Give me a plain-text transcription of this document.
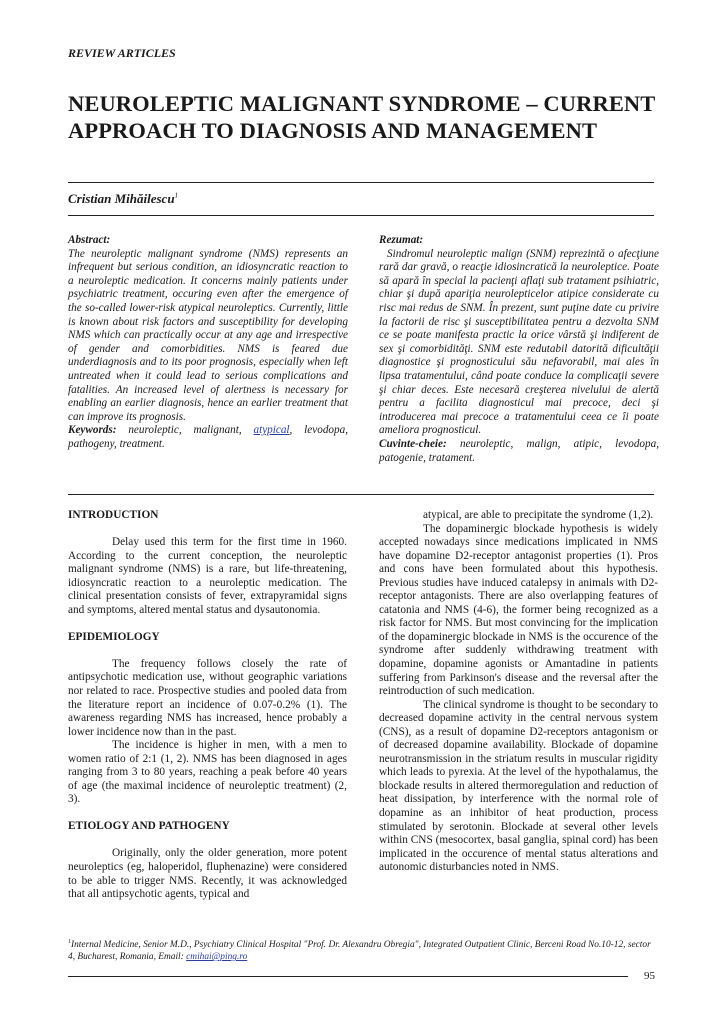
REVIEW ARTICLES
NEUROLEPTIC MALIGNANT SYNDROME – CURRENT APPROACH TO DIAGNOSIS AND MANAGEMENT
Cristian Mihăilescu$^1$
Abstract:

The neuroleptic malignant syndrome (NMS) represents an infrequent but serious condition, an idiosyncratic reaction to a neuroleptic medication. It concerns mainly patients under psychiatric treatment, occuring even after the emergence of the so-called lower-risk atypical neuroleptics. Currently, little is known about risk factors and susceptibility for developing NMS which can practically occur at any age and irrespective of gender and comorbidities. NMS is feared due underdiagnosis and to its poor prognosis, especially when left untreated when it could lead to serious complications and fatalities. An increased level of alertness is necessary for enabling an earlier diagnosis, hence an earlier treatment that can improve its prognosis.

Keywords: neuroleptic, malignant, atypical, levodopa, pathogeny, treatment.

Rezumat:

Sindromul neuroleptic malign (SNM) reprezintă o afecţiune rară dar gravă, o reacţie idiosincratică la neuroleptice. Poate să apară în special la pacienţi aflaţi sub tratament psihiatric, chiar şi după apariţia neurolepticelor atipice considerate cu risc mai redus de SNM. În prezent, sunt puţine date cu privire la factorii de risc şi susceptibilitatea pentru a dezvolta SNM ce se poate manifesta practic la orice vârstă şi indiferent de sex şi comorbidităţi. SNM este redutabil datorită dificultăţii diagnostice şi prognosticului său nefavorabil, mai ales în lipsa tratamentului, când poate conduce la complicaţii severe şi chiar deces. Este necesară creşterea nivelului de alertă pentru a facilita diagnosticul mai precoce, deci şi introducerea mai precoce a tratamentului ceea ce îi poate ameliora prognosticul.

Cuvinte-cheie: neuroleptic, malign, atipic, levodopa, patogenie, tratament.

INTRODUCTION

Delay used this term for the first time in 1960. According to the current conception, the neuroleptic malignant syndrome (NMS) is a rare, but life-threatening, idiosyncratic reaction to a neuroleptic medication. The clinical presentation consists of fever, extrapyramidal signs and symptoms, altered mental status and dysautonomia.

EPIDEMIOLOGY

The frequency follows closely the rate of antipsychotic medication use, without geographic variations nor related to race. Prospective studies and pooled data from the literature report an incidence of 0.07-0.2% (1). The awareness regarding NMS has increased, hence probably a lower incidence now than in the past.

The incidence is higher in men, with a men to women ratio of 2:1 (1, 2). NMS has been diagnosed in ages ranging from 3 to 80 years, reaching a peak before 40 years of age (the maximal incidence of neuroleptic treatment) (2, 3).

ETIOLOGY AND PATHOGENY

Originally, only the older generation, more potent neuroleptics (eg, haloperidol, fluphenazine) were considered to be able to trigger NMS. Recently, it was acknowledged that all antipsychotic agents, typical and

atypical, are able to precipitate the syndrome (1,2).

The dopaminergic blockade hypothesis is widely accepted nowadays since medications implicated in NMS have dopamine D2-receptor antagonist properties (1). Pros and cons have been formulated about this hypothesis. Previous studies have induced catalepsy in animals with D2-receptor antagonists. There are also overlapping features of catatonia and NMS (4-6), the former being recognized as a risk factor for NMS. But most convincing for the implication of the dopaminergic blockade in NMS is the occurence of the syndrome after suddenly withdrawing treatment with dopamine, dopamine agonists or Amantadine in patients suffering from Parkinson's disease and the reversal after the reintroduction of such medication.

The clinical syndrome is thought to be secondary to decreased dopamine activity in the central nervous system (CNS), as a result of dopamine D2-receptors antagonism or of decreased dopamine availability. Blockade of dopamine neurotransmission in the striatum results in muscular rigidity which leads to pyrexia. At the level of the hypothalamus, the blockade results in altered thermoregulation and reduction of heat dissipation, by interference with the normal role of dopamine as an inhibitor of heat production, process stimulated by serotonin. Blockade at several other levels within CNS (mesocortex, basal ganglia, spinal cord) has been implicated in the occurence of mental status alterations and autonomic disturbancies noted in NMS.

$^1$Internal Medicine, Senior M.D., Psychiatry Clinical Hospital "Prof. Dr. Alexandru Obregia", Integrated Outpatient Clinic, Berceni Road No.10-12, sector 4, Bucharest, Romania, Email: cmihai@ping.ro
95
